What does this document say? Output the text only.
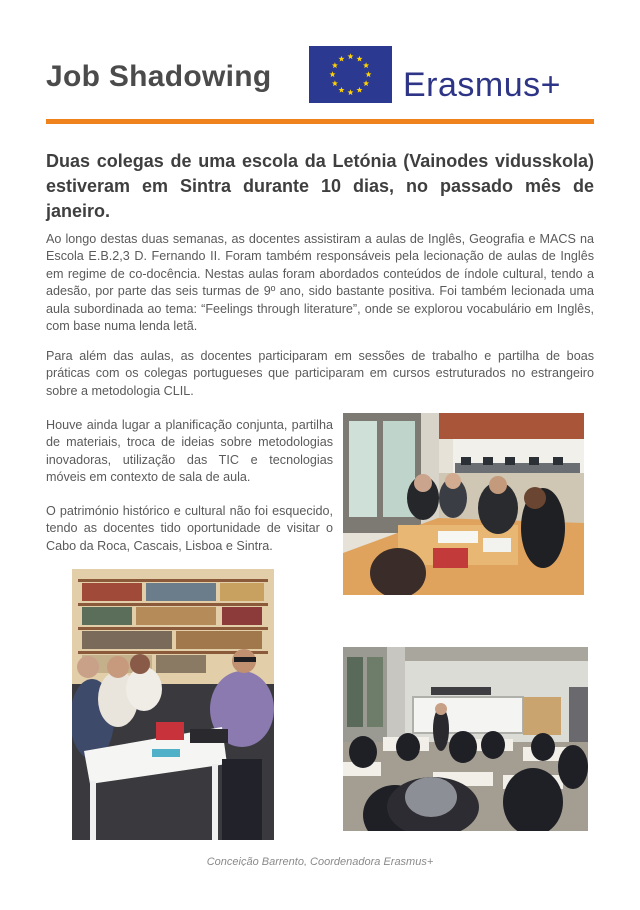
Job Shadowing	Erasmus+
Duas colegas de uma escola da Letónia (Vainodes vidusskola) estiveram em Sintra durante 10 dias, no passado mês de janeiro.

Ao longo destas duas semanas, as docentes assistiram a aulas de Inglês, Geografia e MACS na Escola E.B.2,3 D. Fernando II. Foram também responsáveis pela lecionação de aulas de Inglês em regime de co-docência. Nestas aulas foram abordados conteúdos de índole cultural, tendo a adesão, por parte das seis turmas de 9º ano, sido bastante positiva. Foi também lecionada uma aula subordinada ao tema: “Feelings through literature”, onde se explorou vocabulário em Inglês, com base numa lenda letã.

Para além das aulas, as docentes participaram em sessões de trabalho e partilha de boas práticas com os colegas portugueses que participaram em cursos estruturados no estrangeiro sobre a metodologia CLIL.

Houve ainda lugar a planificação conjunta, partilha de materiais, troca de ideias sobre metodologias inovadoras, utilização das TIC e tecnologias móveis em contexto de sala de aula.

O património histórico e cultural não foi esquecido, tendo as docentes tido oportunidade de visitar o Cabo da Roca, Cascais, Lisboa e Sintra.

Conceição Barrento, Coordenadora Erasmus+
